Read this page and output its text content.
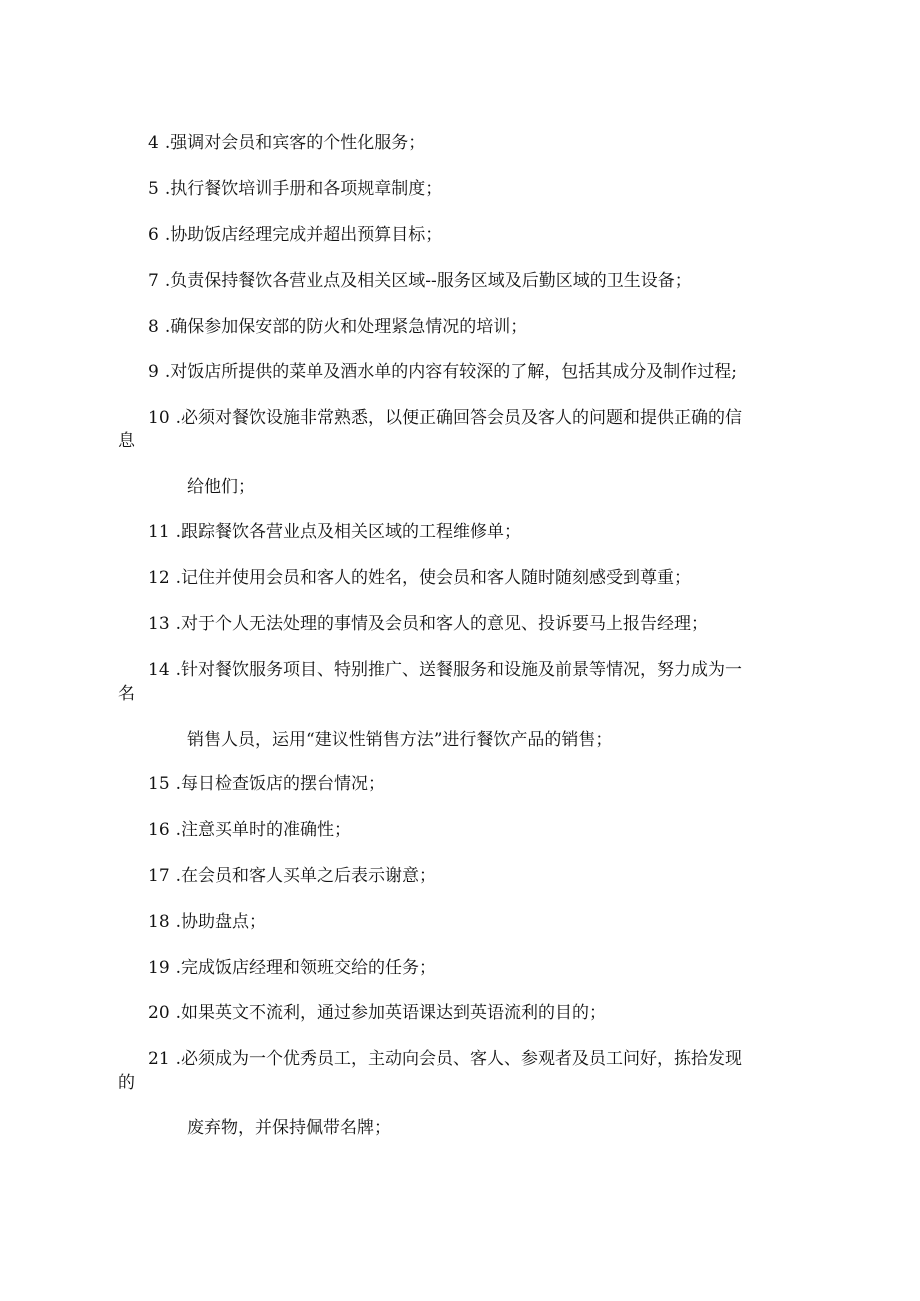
4 .强调对会员和宾客的个性化服务；
5 .执行餐饮培训手册和各项规章制度；
6 .协助饭店经理完成并超出预算目标；
7 .负责保持餐饮各营业点及相关区域--服务区域及后勤区域的卫生设备；
8 .确保参加保安部的防火和处理紧急情况的培训；
9 .对饭店所提供的菜单及酒水单的内容有较深的了解，包括其成分及制作过程;
10 .必须对餐饮设施非常熟悉，以便正确回答会员及客人的问题和提供正确的信
息
给他们；
11 .跟踪餐饮各营业点及相关区域的工程维修单；
12 .记住并使用会员和客人的姓名，使会员和客人随时随刻感受到尊重；
13 .对于个人无法处理的事情及会员和客人的意见、投诉要马上报告经理；
14 .针对餐饮服务项目、特别推广、送餐服务和设施及前景等情况，努力成为一
名
销售人员，运用“建议性销售方法”进行餐饮产品的销售；
15 .每日检查饭店的摆台情况；
16 .注意买单时的准确性；
17 .在会员和客人买单之后表示谢意；
18 .协助盘点；
19 .完成饭店经理和领班交给的任务；
20 .如果英文不流利，通过参加英语课达到英语流利的目的；
21 .必须成为一个优秀员工，主动向会员、客人、参观者及员工问好，拣拾发现
的
废弃物，并保持佩带名牌；
